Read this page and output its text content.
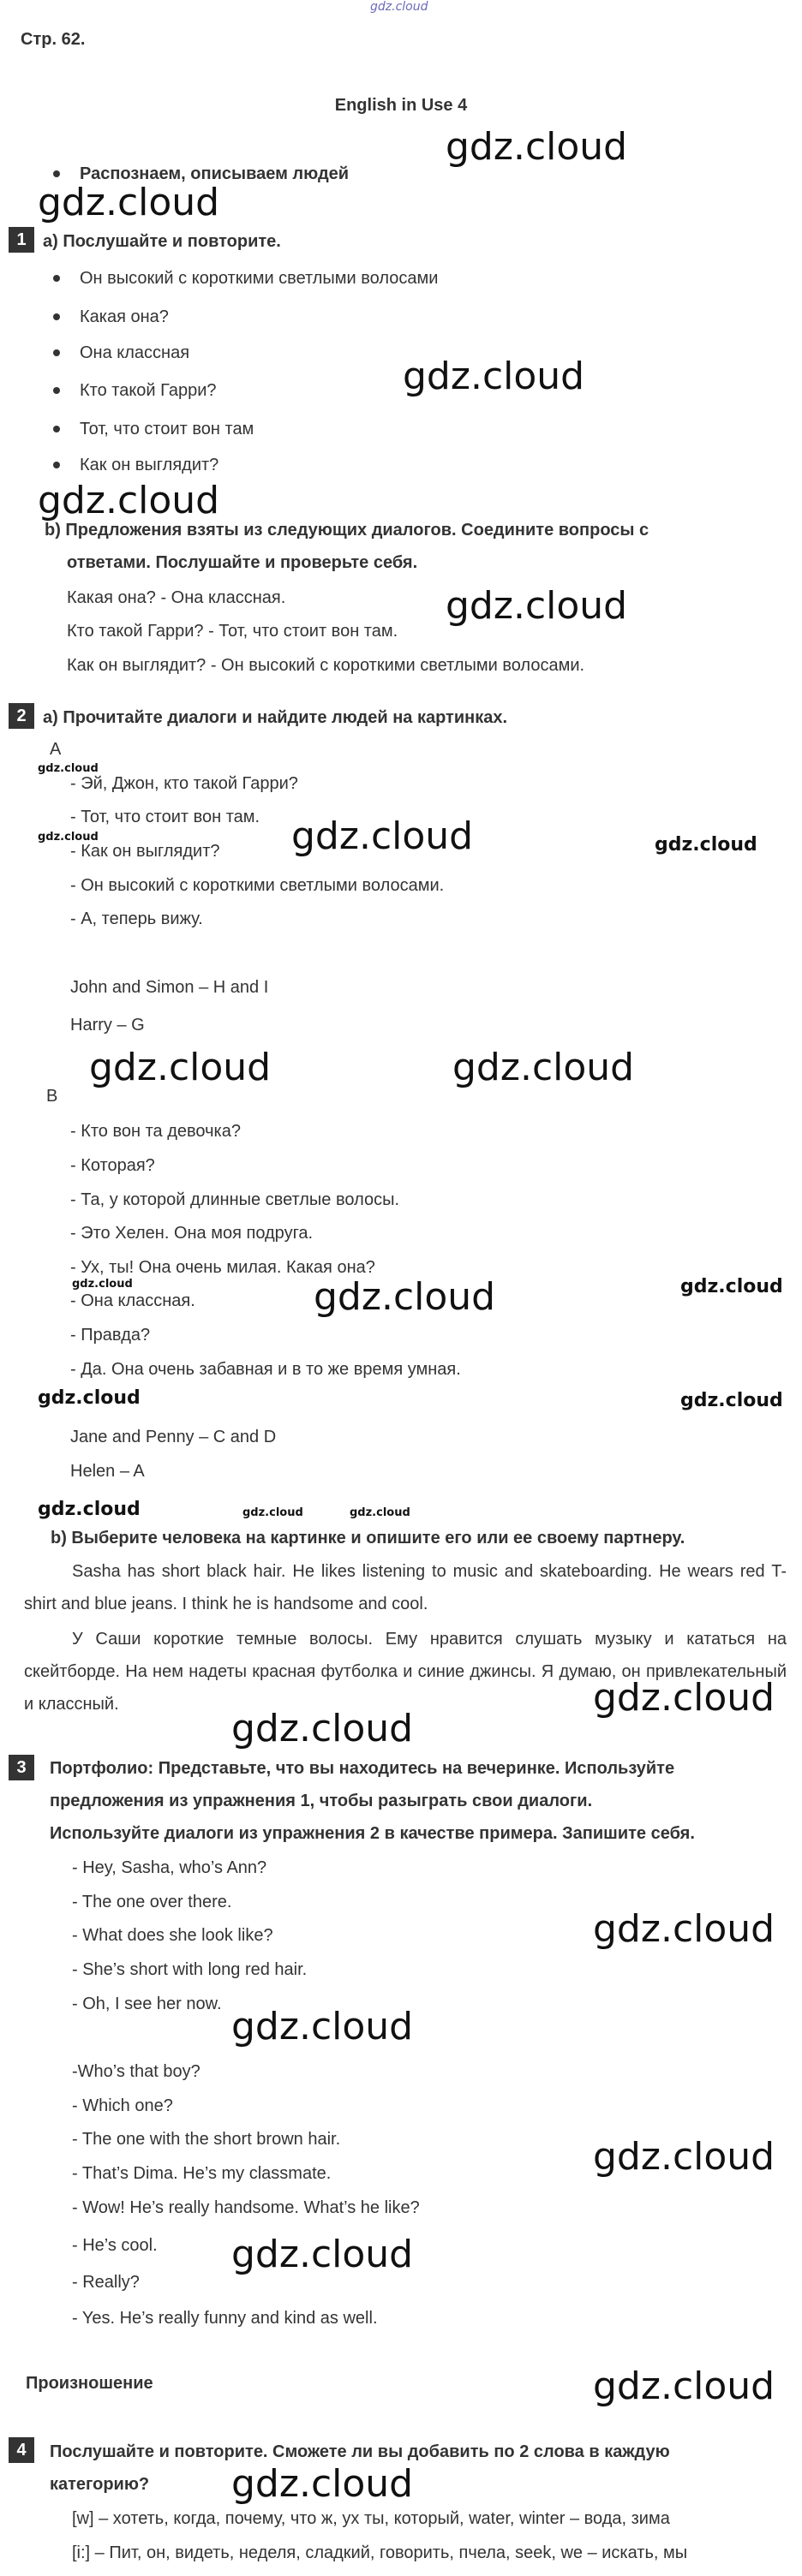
gdz.cloud
Стр. 62.
English in Use 4
Распознаем, описываем людей
1 а) Послушайте и повторите.
Он высокий с короткими светлыми волосами
Какая она?
Она классная
Кто такой Гарри?
Тот, что стоит вон там
Как он выглядит?
b) Предложения взяты из следующих диалогов. Соедините вопросы с
ответами. Послушайте и проверьте себя.
Какая она? - Она классная.
Кто такой Гарри? - Тот, что стоит вон там.
Как он выглядит? - Он высокий с короткими светлыми волосами.
2 а) Прочитайте диалоги и найдите людей на картинках.
A
- Эй, Джон, кто такой Гарри?
- Тот, что стоит вон там.
- Как он выглядит?
- Он высокий с короткими светлыми волосами.
- А, теперь вижу.
John and Simon – H and I
Harry – G
B
- Кто вон та девочка?
- Которая?
- Та, у которой длинные светлые волосы.
- Это Хелен. Она моя подруга.
- Ух, ты! Она очень милая. Какая она?
- Она классная.
- Правда?
- Да. Она очень забавная и в то же время умная.
Jane and Penny – C and D
Helen – A
b) Выберите человека на картинке и опишите его или ее своему партнеру.
Sasha has short black hair. He likes listening to music and skateboarding. He wears red T-shirt and blue jeans. I think he is handsome and cool.
У Саши короткие темные волосы. Ему нравится слушать музыку и кататься на скейтборде. На нем надеты красная футболка и синие джинсы. Я думаю, он привлекательный и классный.
3	Портфолио: Представьте, что вы находитесь на вечеринке. Используйте
предложения из упражнения 1, чтобы разыграть свои диалоги.
Используйте диалоги из упражнения 2 в качестве примера. Запишите себя.
- Hey, Sasha, who’s Ann?
- The one over there.
- What does she look like?
- She’s short with long red hair.
- Oh, I see her now.
-Who’s that boy?
- Which one?
- The one with the short brown hair.
- That’s Dima. He’s my classmate.
- Wow! He’s really handsome. What’s he like?
- He’s cool.
- Really?
- Yes. He’s really funny and kind as well.
Произношение
4	Послушайте и повторите. Сможете ли вы добавить по 2 слова в каждую
категорию?
[w] – хотеть, когда, почему, что ж, ух ты, который, water, winter – вода, зима
[i:] – Пит, он, видеть, неделя, сладкий, говорить, пчела, seek, we – искать, мы
gdz.cloud
gdz.cloud
gdz.cloud
gdz.cloud
gdz.cloud
gdz.cloud
gdz.cloud	gdz.cloud	gdz.cloud
gdz.cloud	gdz.cloud
gdz.cloud	gdz.cloud	gdz.cloud
gdz.cloud	gdz.cloud
gdz.cloud	gdz.cloud	gdz.cloud
gdz.cloud
gdz.cloud
gdz.cloud
gdz.cloud
gdz.cloud
gdz.cloud
gdz.cloud
gdz.cloud
